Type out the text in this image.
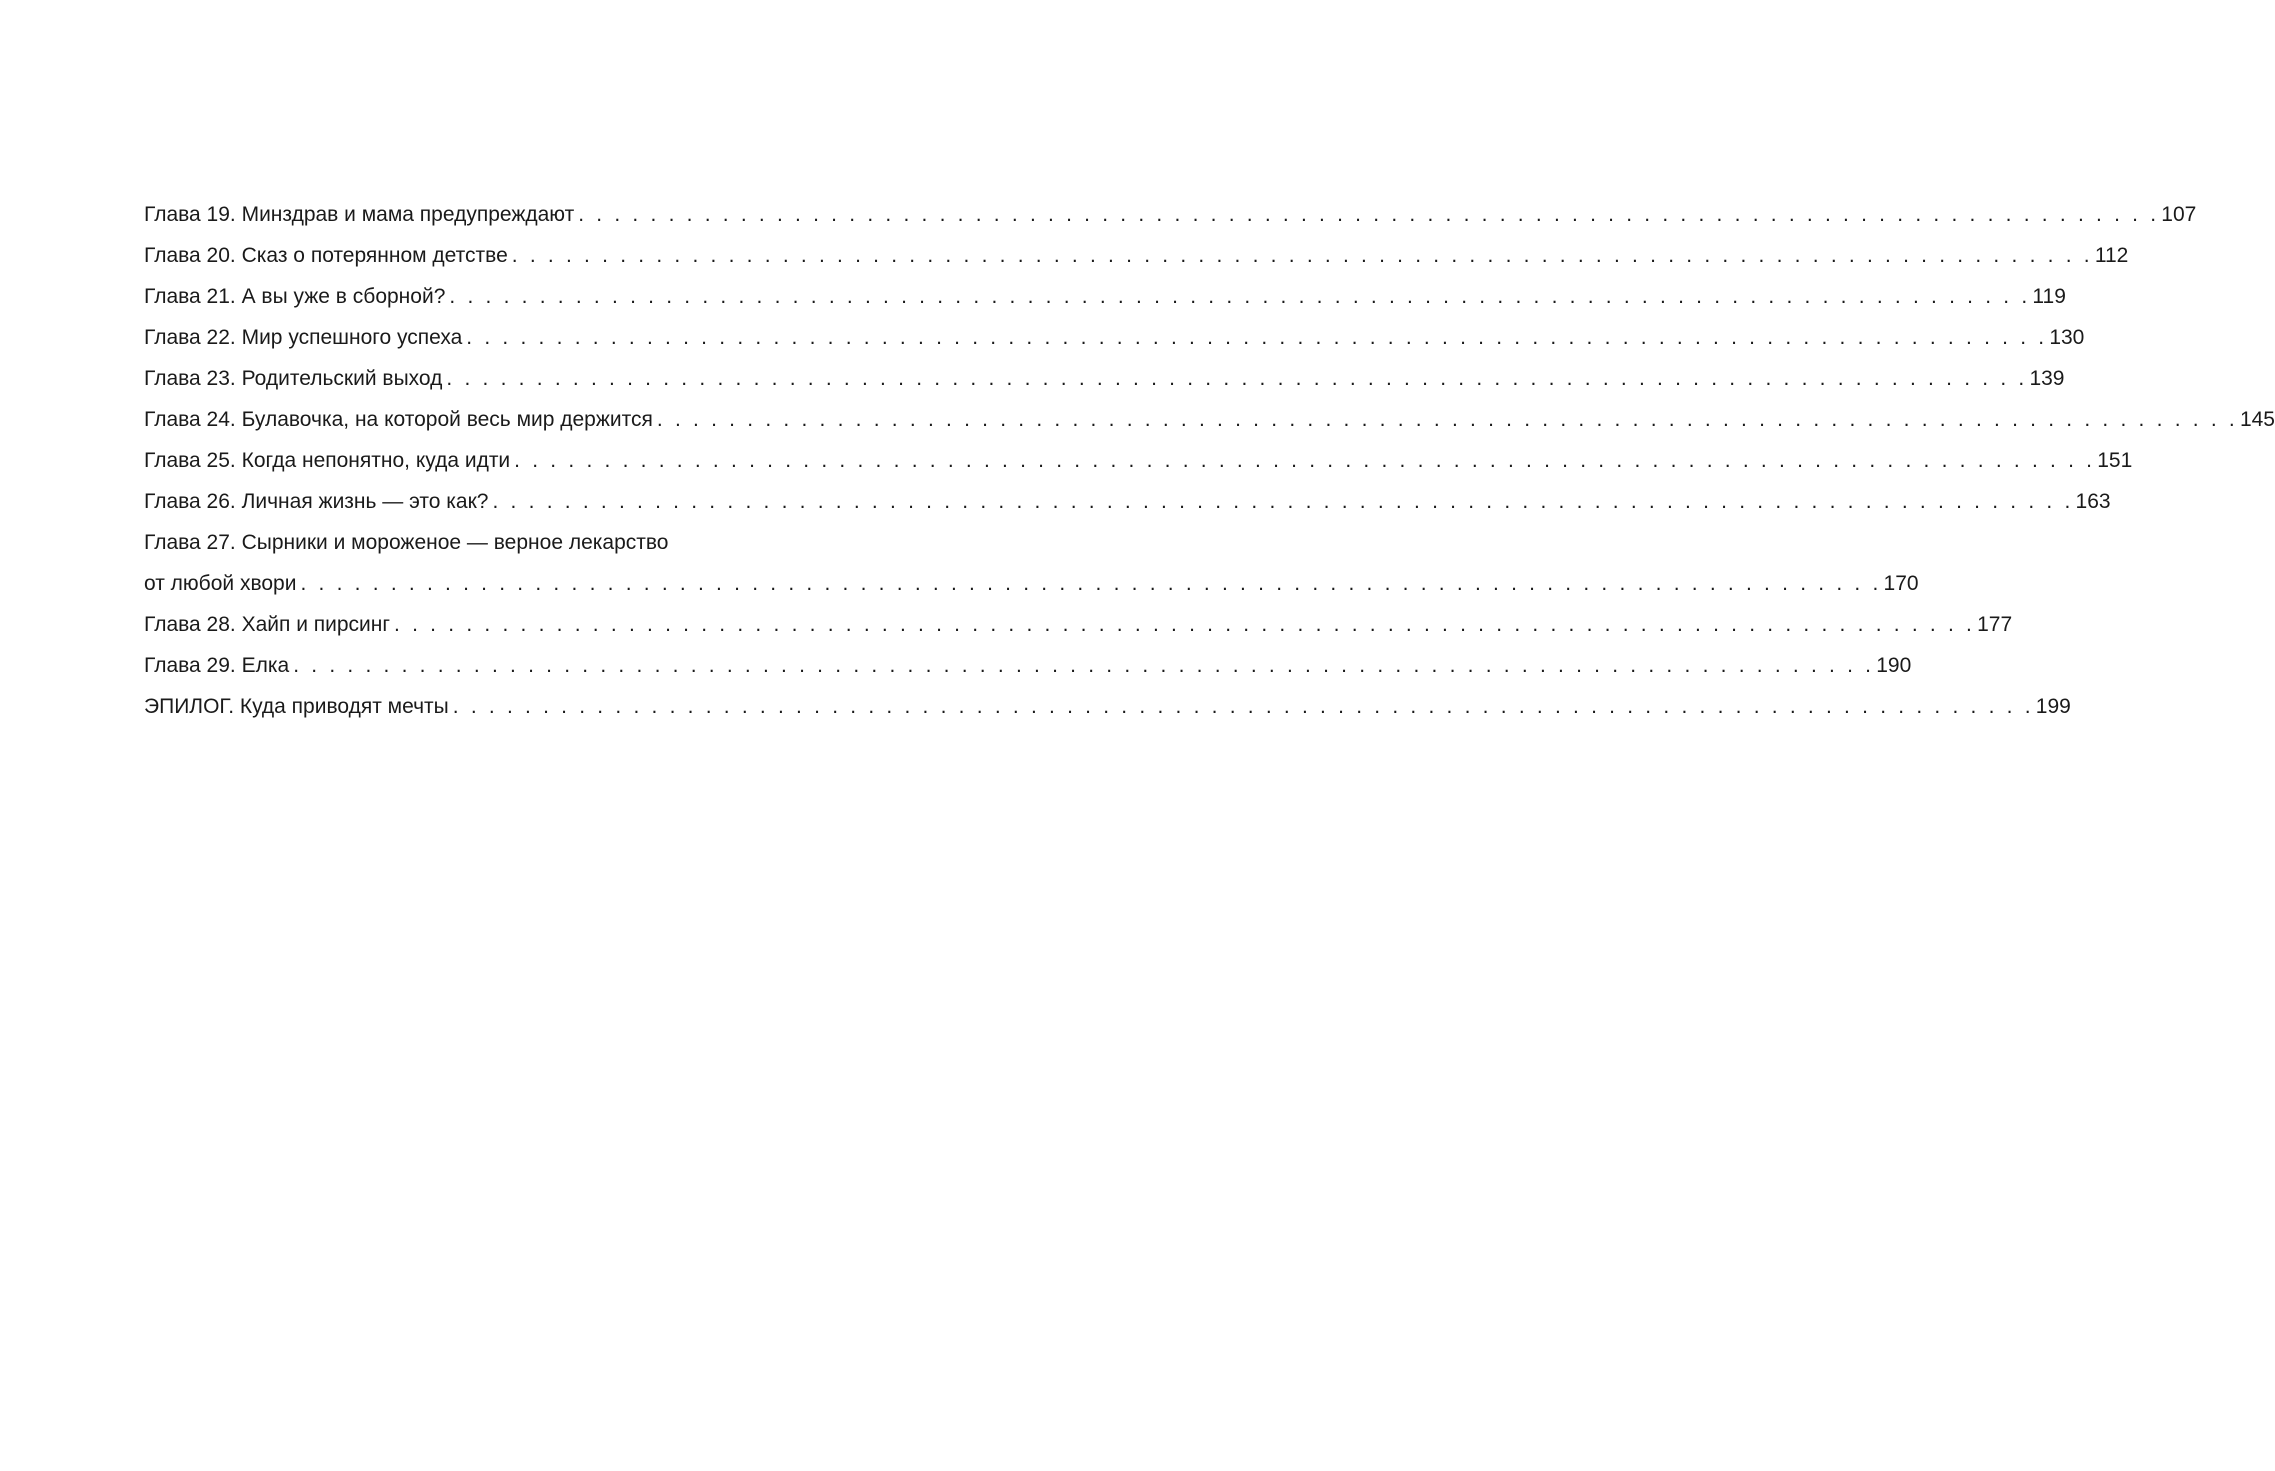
Глава 19. Минздрав и мама предупреждают . . . . . . . . . . . . . . . . . . . . . . . . . . . . . . . . . . . . . . . . . . . . . . . . . . . . . . . . . . . . . . . . . . . . . . . . . . . . . . . . . . . . . . . . 107
Глава 20. Сказ о потерянном детстве . . . . . . . . . . . . . . . . . . . . . . . . . . . . . . . . . . . . . . . . . . . . . . . . . . . . . . . . . . . . . . . . . . . . . . . . . . . . . . . . . . . . . . . . 112
Глава 21. А вы уже в сборной? . . . . . . . . . . . . . . . . . . . . . . . . . . . . . . . . . . . . . . . . . . . . . . . . . . . . . . . . . . . . . . . . . . . . . . . . . . . . . . . . . . . . . . . . 119
Глава 22. Мир успешного успеха . . . . . . . . . . . . . . . . . . . . . . . . . . . . . . . . . . . . . . . . . . . . . . . . . . . . . . . . . . . . . . . . . . . . . . . . . . . . . . . . . . . . . . . . 130
Глава 23. Родительский выход . . . . . . . . . . . . . . . . . . . . . . . . . . . . . . . . . . . . . . . . . . . . . . . . . . . . . . . . . . . . . . . . . . . . . . . . . . . . . . . . . . . . . . . . 139
Глава 24. Булавочка, на которой весь мир держится . . . . . . . . . . . . . . . . . . . . . . . . . . . . . . . . . . . . . . . . . . . . . . . . . . . . . . . . . . . . . . . . . . . . . . . . . . . . . . . . . . . . . . . . 145
Глава 25. Когда непонятно, куда идти . . . . . . . . . . . . . . . . . . . . . . . . . . . . . . . . . . . . . . . . . . . . . . . . . . . . . . . . . . . . . . . . . . . . . . . . . . . . . . . . . . . . . . . . 151
Глава 26. Личная жизнь — это как? . . . . . . . . . . . . . . . . . . . . . . . . . . . . . . . . . . . . . . . . . . . . . . . . . . . . . . . . . . . . . . . . . . . . . . . . . . . . . . . . . . . . . . . . 163
Глава 27. Сырники и мороженое — верное лекарство
от любой хвори . . . . . . . . . . . . . . . . . . . . . . . . . . . . . . . . . . . . . . . . . . . . . . . . . . . . . . . . . . . . . . . . . . . . . . . . . . . . . . . . . . . . . . . . 170
Глава 28. Хайп и пирсинг . . . . . . . . . . . . . . . . . . . . . . . . . . . . . . . . . . . . . . . . . . . . . . . . . . . . . . . . . . . . . . . . . . . . . . . . . . . . . . . . . . . . . . . . 177
Глава 29. Елка . . . . . . . . . . . . . . . . . . . . . . . . . . . . . . . . . . . . . . . . . . . . . . . . . . . . . . . . . . . . . . . . . . . . . . . . . . . . . . . . . . . . . . . . 190
ЭПИЛОГ. Куда приводят мечты . . . . . . . . . . . . . . . . . . . . . . . . . . . . . . . . . . . . . . . . . . . . . . . . . . . . . . . . . . . . . . . . . . . . . . . . . . . . . . . . . . . . . . . . 199
